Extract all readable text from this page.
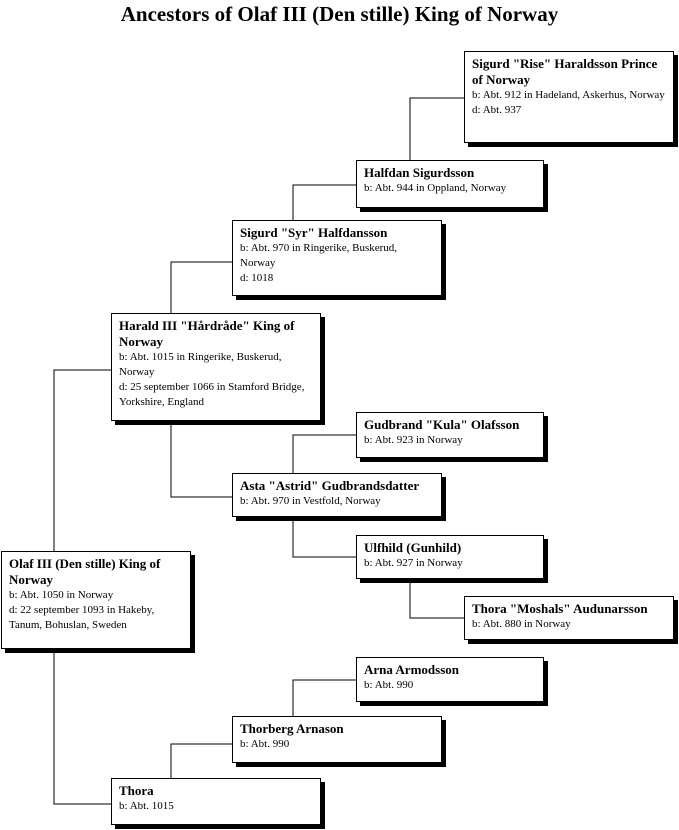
Ancestors of Olaf III (Den stille) King of Norway
Sigurd "Rise" Haraldsson Prince of Norway
b: Abt. 912 in Hadeland, Askerhus, Norway
d: Abt. 937
Thora "Moshals" Audunarsson
b: Abt. 880 in Norway
Halfdan Sigurdsson
b: Abt. 944 in Oppland, Norway
Gudbrand "Kula" Olafsson
b: Abt. 923 in Norway
Ulfhild (Gunhild)
b: Abt. 927 in Norway
Arna Armodsson
b: Abt. 990
Sigurd "Syr" Halfdansson
b: Abt. 970 in Ringerike, Buskerud, Norway
d: 1018
Asta "Astrid" Gudbrandsdatter
b: Abt. 970 in Vestfold, Norway
Thorberg Arnason
b: Abt. 990
Harald III "Hårdråde" King of Norway
b: Abt. 1015 in Ringerike, Buskerud, Norway
d: 25 september 1066 in Stamford Bridge, Yorkshire, England
Thora
b: Abt. 1015
Olaf III (Den stille) King of Norway
b: Abt. 1050 in Norway
d: 22 september 1093 in Hakeby, Tanum, Bohuslan, Sweden
